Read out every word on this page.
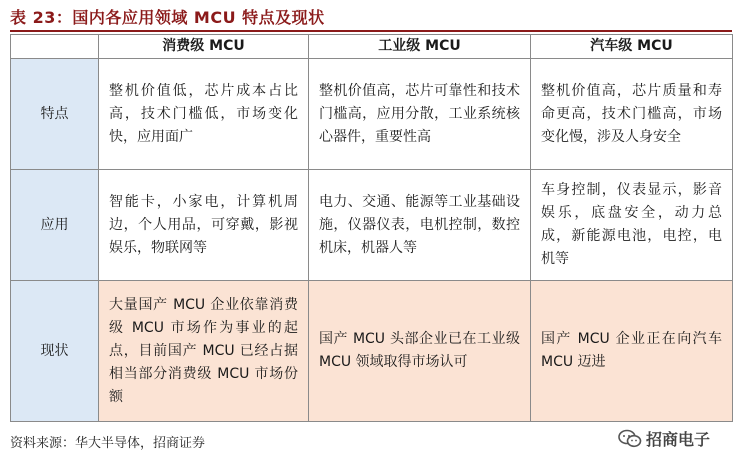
表 23：国内各应用领域 MCU 特点及现状
	消费级 MCU	工业级 MCU	汽车级 MCU
特点	整机价值低，芯片成本占比高，技术门槛低，市场变化快，应用面广	整机价值高，芯片可靠性和技术门槛高，应用分散，工业系统核心器件，重要性高	整机价值高，芯片质量和寿命更高，技术门槛高，市场变化慢，涉及人身安全
应用	智能卡，小家电，计算机周边，个人用品，可穿戴，影视娱乐，物联网等	电力、交通、能源等工业基础设施，仪器仪表，电机控制，数控机床，机器人等	车身控制，仪表显示，影音娱乐，底盘安全，动力总成，新能源电池，电控，电机等
现状	大量国产 MCU 企业依靠消费级 MCU 市场作为事业的起点，目前国产 MCU 已经占据相当部分消费级 MCU 市场份额	国产 MCU 头部企业已在工业级 MCU 领域取得市场认可	国产 MCU 企业正在向汽车 MCU 迈进
资料来源：华大半导体，招商证券	招商电子
